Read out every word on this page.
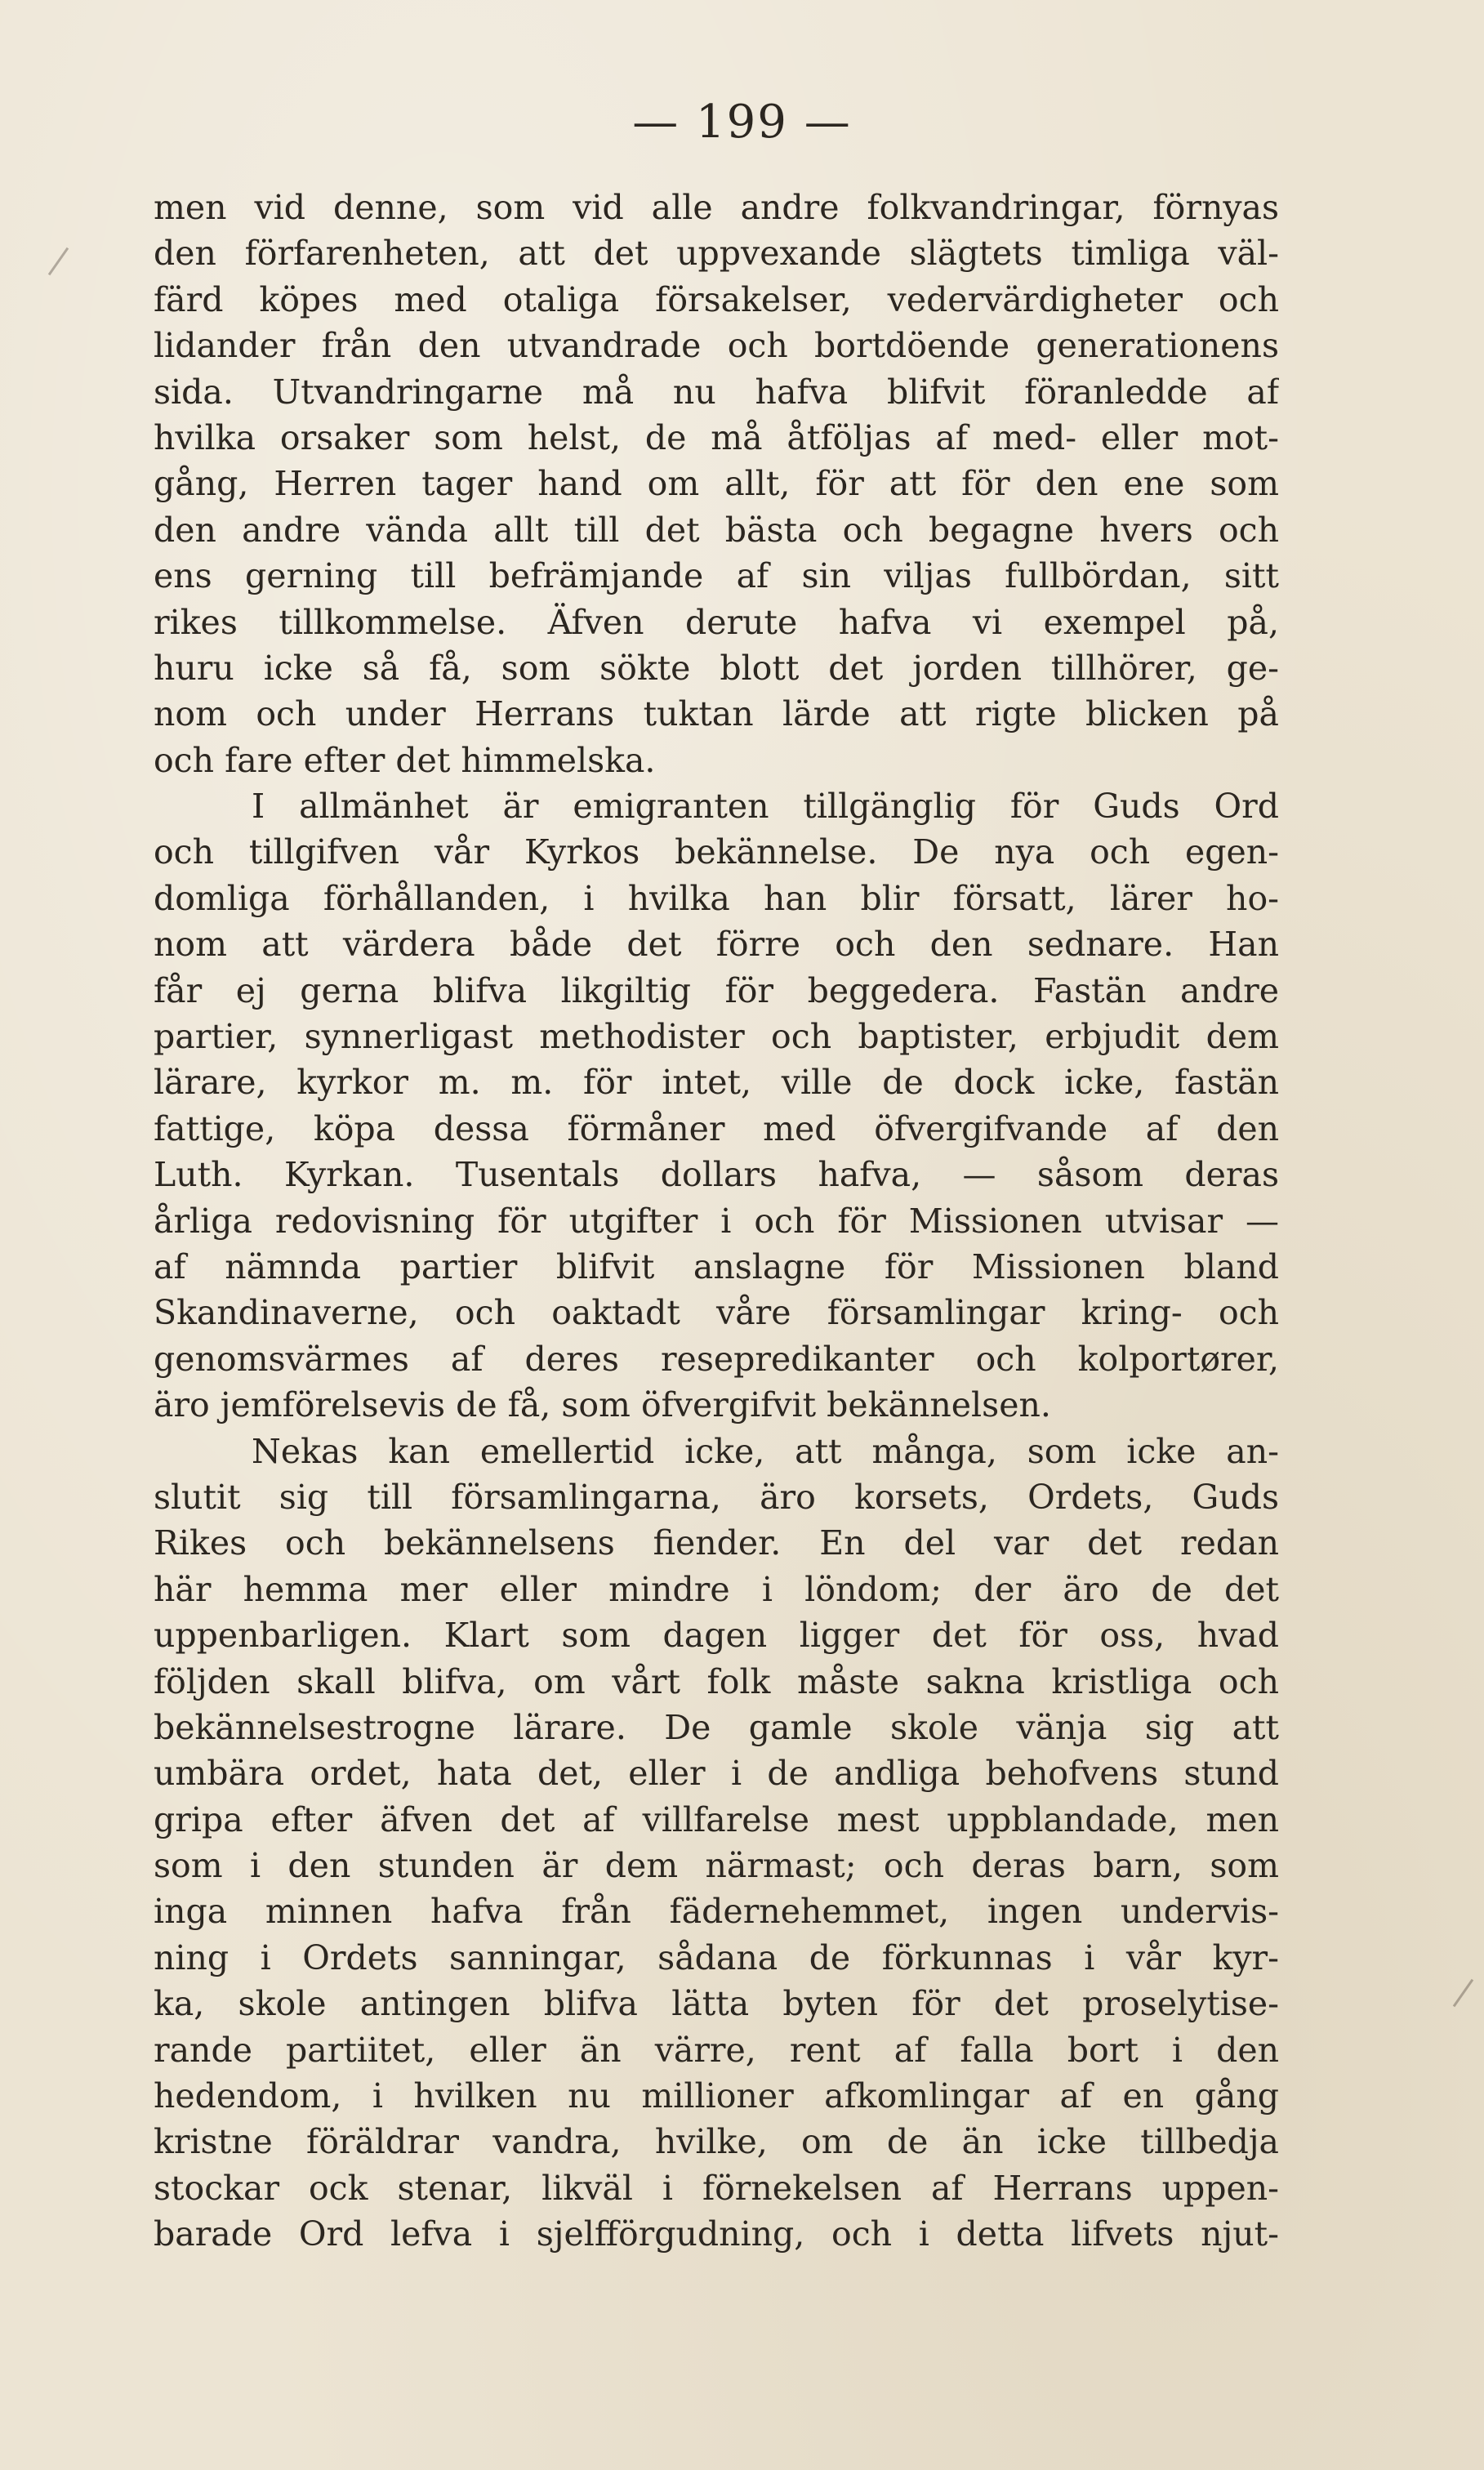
— 199 —
men vid denne, som vid alle andre folkvandringar, förnyas
den förfarenheten, att det uppvexande slägtets timliga väl-
färd köpes med otaliga försakelser, vedervärdigheter och
lidander från den utvandrade och bortdöende generationens
sida. Utvandringarne må nu hafva blifvit föranledde af
hvilka orsaker som helst, de må åtföljas af med- eller mot-
gång, Herren tager hand om allt, för att för den ene som
den andre vända allt till det bästa och begagne hvers och
ens gerning till befrämjande af sin viljas fullbördan, sitt
rikes tillkommelse. Äfven derute hafva vi exempel på,
huru icke så få, som sökte blott det jorden tillhörer, ge-
nom och under Herrans tuktan lärde att rigte blicken på
och fare efter det himmelska.
I allmänhet är emigranten tillgänglig för Guds Ord
och tillgifven vår Kyrkos bekännelse. De nya och egen-
domliga förhållanden, i hvilka han blir försatt, lärer ho-
nom att värdera både det förre och den sednare. Han
får ej gerna blifva likgiltig för beggedera. Fastän andre
partier, synnerligast methodister och baptister, erbjudit dem
lärare, kyrkor m. m. för intet, ville de dock icke, fastän
fattige, köpa dessa förmåner med öfvergifvande af den
Luth. Kyrkan. Tusentals dollars hafva, — såsom deras
årliga redovisning för utgifter i och för Missionen utvisar —
af nämnda partier blifvit anslagne för Missionen bland
Skandinaverne, och oaktadt våre församlingar kring- och
genomsvärmes af deres resepredikanter och kolportører,
äro jemförelsevis de få, som öfvergifvit bekännelsen.
Nekas kan emellertid icke, att många, som icke an-
slutit sig till församlingarna, äro korsets, Ordets, Guds
Rikes och bekännelsens fiender. En del var det redan
här hemma mer eller mindre i löndom; der äro de det
uppenbarligen. Klart som dagen ligger det för oss, hvad
följden skall blifva, om vårt folk måste sakna kristliga och
bekännelsestrogne lärare. De gamle skole vänja sig att
umbära ordet, hata det, eller i de andliga behofvens stund
gripa efter äfven det af villfarelse mest uppblandade, men
som i den stunden är dem närmast; och deras barn, som
inga minnen hafva från fädernehemmet, ingen undervis-
ning i Ordets sanningar, sådana de förkunnas i vår kyr-
ka, skole antingen blifva lätta byten för det proselytise-
rande partiitet, eller än värre, rent af falla bort i den
hedendom, i hvilken nu millioner afkomlingar af en gång
kristne föräldrar vandra, hvilke, om de än icke tillbedja
stockar ock stenar, likväl i förnekelsen af Herrans uppen-
barade Ord lefva i sjelfförgudning, och i detta lifvets njut-
